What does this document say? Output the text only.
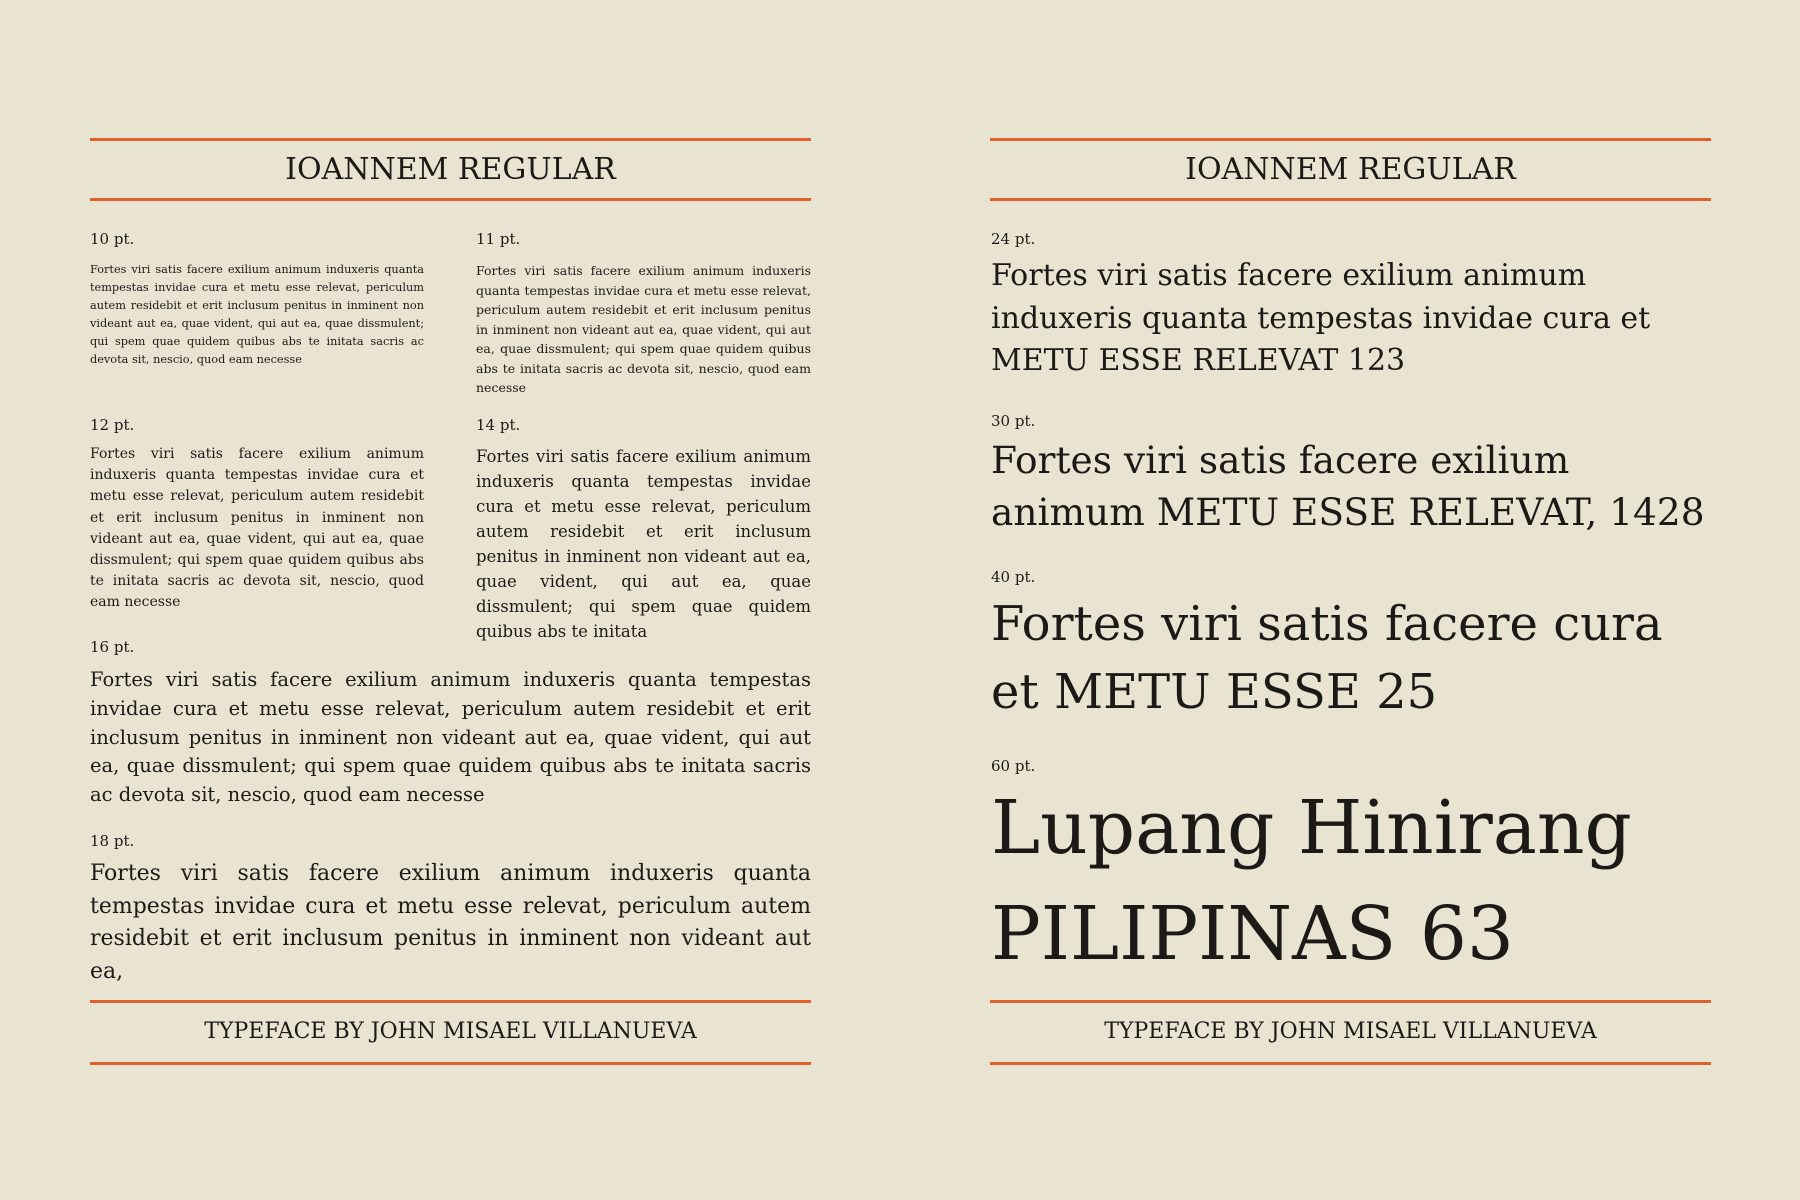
IOANNEM REGULAR
10 pt.
Fortes viri satis facere exilium animum induxeris quanta tempestas invidae cura et metu esse relevat, periculum autem residebit et erit inclusum penitus in inminent non videant aut ea, quae vident, qui aut ea, quae dissmulent; qui spem quae quidem quibus abs te initata sacris ac devota sit, nescio, quod eam necesse
11 pt.
Fortes viri satis facere exilium animum induxeris quanta tempestas invidae cura et metu esse relevat, periculum autem residebit et erit inclusum penitus in inminent non videant aut ea, quae vident, qui aut ea, quae dissmulent; qui spem quae quidem quibus abs te initata sacris ac devota sit, nescio, quod eam necesse
12 pt.
Fortes viri satis facere exilium animum induxeris quanta tempestas invidae cura et metu esse relevat, periculum autem residebit et erit inclusum penitus in inminent non videant aut ea, quae vident, qui aut ea, quae dissmulent; qui spem quae quidem quibus abs te initata sacris ac devota sit, nescio, quod eam necesse
14 pt.
Fortes viri satis facere exilium animum induxeris quanta tempestas invidae cura et metu esse relevat, periculum autem residebit et erit inclusum penitus in inminent non videant aut ea, quae vident, qui aut ea, quae dissmulent; qui spem quae quidem quibus abs te initata
16 pt.
Fortes viri satis facere exilium animum induxeris quanta tempestas invidae cura et metu esse relevat, periculum autem residebit et erit inclusum penitus in inminent non videant aut ea, quae vident, qui aut ea, quae dissmulent; qui spem quae quidem quibus abs te initata sacris ac devota sit, nescio, quod eam necesse
18 pt.
Fortes viri satis facere exilium animum induxeris quanta tempestas invidae cura et metu esse relevat, periculum autem residebit et erit inclusum penitus in inminent non videant aut ea,
TYPEFACE BY JOHN MISAEL VILLANUEVA
IOANNEM REGULAR
24 pt.
Fortes viri satis facere exilium animum induxeris quanta tempestas invidae cura et METU ESSE RELEVAT 123
30 pt.
Fortes viri satis facere exilium animum METU ESSE RELEVAT, 1428
40 pt.
Fortes viri satis facere cura et METU ESSE 25
60 pt.
Lupang Hinirang PILIPINAS 63
TYPEFACE BY JOHN MISAEL VILLANUEVA
